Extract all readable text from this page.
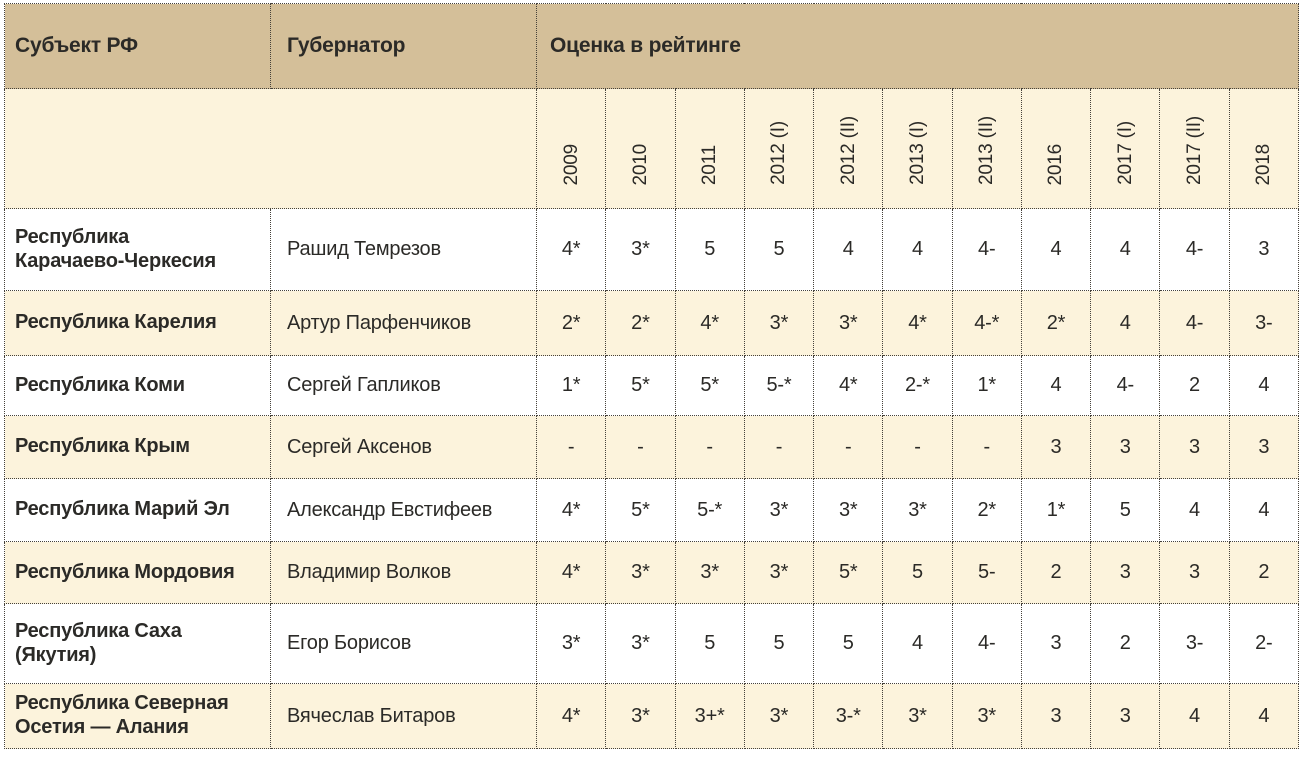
Субъект РФ	Губернатор	Оценка в рейтинге										
		2009	2010	2011	2012 (I)	2012 (II)	2013 (I)	2013 (II)	2016	2017 (I)	2017 (II)	2018
Республика Карачаево-Черкесия	Рашид Темрезов	4*	3*	5	5	4	4	4-	4	4	4-	3
Республика Карелия	Артур Парфенчиков	2*	2*	4*	3*	3*	4*	4-*	2*	4	4-	3-
Республика Коми	Сергей Гапликов	1*	5*	5*	5-*	4*	2-*	1*	4	4-	2	4
Республика Крым	Сергей Аксенов	-	-	-	-	-	-	-	3	3	3	3
Республика Марий Эл	Александр Евстифеев	4*	5*	5-*	3*	3*	3*	2*	1*	5	4	4
Республика Мордовия	Владимир Волков	4*	3*	3*	3*	5*	5	5-	2	3	3	2
Республика Саха (Якутия)	Егор Борисов	3*	3*	5	5	5	4	4-	3	2	3-	2-
Республика Северная Осетия — Алания	Вячеслав Битаров	4*	3*	3+*	3*	3-*	3*	3*	3	3	4	4
